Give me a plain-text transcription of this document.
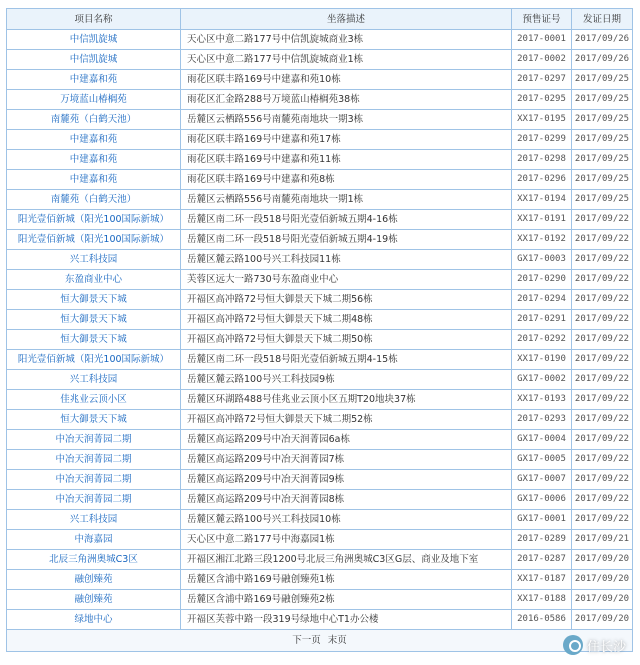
项目名称	坐落描述	预售证号	发证日期
中信凯旋城	天心区中意二路177号中信凯旋城商业3栋	2017-0001	2017/09/26
中信凯旋城	天心区中意二路177号中信凯旋城商业1栋	2017-0002	2017/09/26
中建嘉和苑	雨花区联丰路169号中建嘉和苑10栋	2017-0297	2017/09/25
万境蓝山椿榈苑	雨花区汇金路288号万境蓝山椿榈苑38栋	2017-0295	2017/09/25
南麓苑（白鹤天池）	岳麓区云栖路556号南麓苑南地块一期3栋	XX17-0195	2017/09/25
中建嘉和苑	雨花区联丰路169号中建嘉和苑17栋	2017-0299	2017/09/25
中建嘉和苑	雨花区联丰路169号中建嘉和苑11栋	2017-0298	2017/09/25
中建嘉和苑	雨花区联丰路169号中建嘉和苑8栋	2017-0296	2017/09/25
南麓苑（白鹤天池）	岳麓区云栖路556号南麓苑南地块一期1栋	XX17-0194	2017/09/25
阳光壹佰新城（阳光100国际新城）	岳麓区南二环一段518号阳光壹佰新城五期4-16栋	XX17-0191	2017/09/22
阳光壹佰新城（阳光100国际新城）	岳麓区南二环一段518号阳光壹佰新城五期4-19栋	XX17-0192	2017/09/22
兴工科技园	岳麓区麓云路100号兴工科技园11栋	GX17-0003	2017/09/22
东盈商业中心	芙蓉区远大一路730号东盈商业中心	2017-0290	2017/09/22
恒大御景天下城	开福区高冲路72号恒大御景天下城二期56栋	2017-0294	2017/09/22
恒大御景天下城	开福区高冲路72号恒大御景天下城二期48栋	2017-0291	2017/09/22
恒大御景天下城	开福区高冲路72号恒大御景天下城二期50栋	2017-0292	2017/09/22
阳光壹佰新城（阳光100国际新城）	岳麓区南二环一段518号阳光壹佰新城五期4-15栋	XX17-0190	2017/09/22
兴工科技园	岳麓区麓云路100号兴工科技园9栋	GX17-0002	2017/09/22
佳兆业云顶小区	岳麓区环湖路488号佳兆业云顶小区五期T20地块37栋	XX17-0193	2017/09/22
恒大御景天下城	开福区高冲路72号恒大御景天下城二期52栋	2017-0293	2017/09/22
中冶天润菁园二期	岳麓区高运路209号中冶天润菁园6a栋	GX17-0004	2017/09/22
中冶天润菁园二期	岳麓区高运路209号中冶天润菁园7栋	GX17-0005	2017/09/22
中冶天润菁园二期	岳麓区高运路209号中冶天润菁园9栋	GX17-0007	2017/09/22
中冶天润菁园二期	岳麓区高运路209号中冶天润菁园8栋	GX17-0006	2017/09/22
兴工科技园	岳麓区麓云路100号兴工科技园10栋	GX17-0001	2017/09/22
中海嘉园	天心区中意二路177号中海嘉园1栋	2017-0289	2017/09/21
北辰三角洲奥城C3区	开福区湘江北路三段1200号北辰三角洲奥城C3区G层、商业及地下室	2017-0287	2017/09/20
融创臻苑	岳麓区含浦中路169号融创臻苑1栋	XX17-0187	2017/09/20
融创臻苑	岳麓区含浦中路169号融创臻苑2栋	XX17-0188	2017/09/20
绿地中心	开福区芙蓉中路一段319号绿地中心T1办公楼	2016-0586	2017/09/20
下一页 末页				住长沙
